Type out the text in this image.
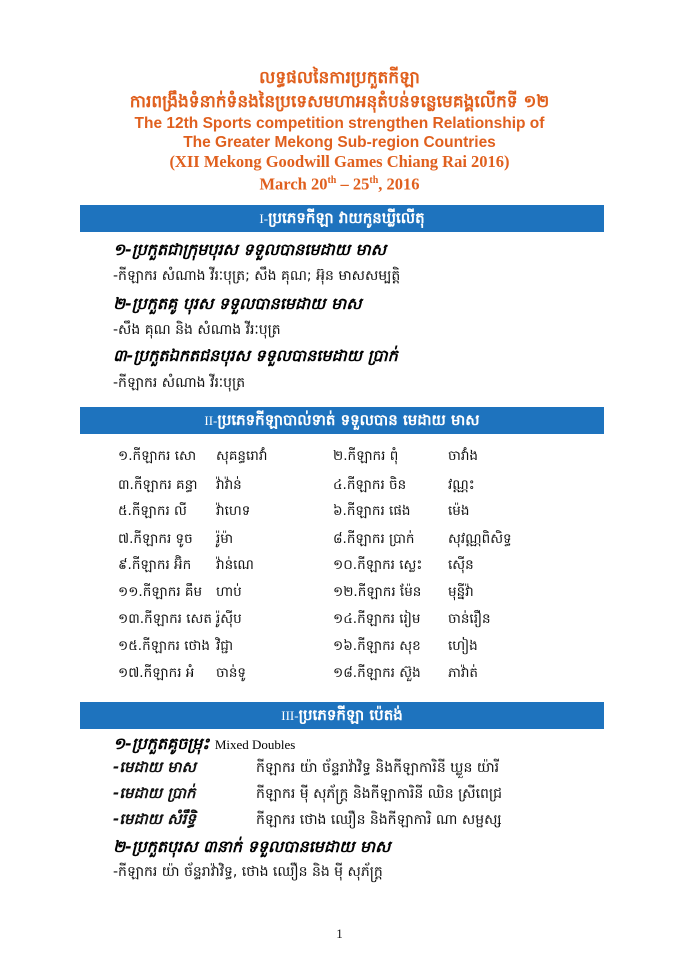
លទ្ធផលនៃការប្រកួតកីឡា

ការពង្រឹងទំនាក់ទំនងនៃប្រទេសមហាអនុតំបន់ទន្លេមេគង្គលើកទី ១២

The 12th Sports competition strengthen Relationship of

The Greater Mekong Sub-region Countries

(XII Mekong Goodwill Games Chiang Rai 2016)

March 20th – 25th, 2016

I-ប្រភេទកីឡា វាយកូនឃ្លីលើតុ
១-ប្រកួតជាក្រុមបុរស ទទួលបានមេដាយ មាស
-កីឡាករ សំណាង វីរៈបុត្រ; សឹង គុណ; អ៊ុន មាសសម្បត្តិ
២-ប្រកួតគូ បុរស ទទួលបានមេដាយ មាស
-សឹង គុណ និង សំណាង វីរៈបុត្រ
៣-ប្រកួតឯកតជនបុរស ទទួលបានមេដាយ ប្រាក់
-កីឡាករ សំណាង វីរៈបុត្រ
II-ប្រភេទកីឡាបាល់ទាត់ ទទួលបាន មេដាយ មាស
១.កីឡាករ សោ សុគន្ធរោវាំ	២.កីឡាករ ពុំ	ចាវាំង
៣.កីឡាករ គន្ធា វ៉ាវ៉ាន់	៤.កីឡាករ ចិន	វណ្ណះ
៥.កីឡាករ លី វ៉ាហេទ	៦.កីឡាករ ផេង	ម៉េង
៧.កីឡាករ ទូច រ៉ូម៉ា	៨.កីឡាករ ប្រាក់ សុវណ្ណពិសិទ្ធ
៩.កីឡាករ អ៊ិក វ៉ាន់ណេ	១០.កីឡាករ ស្លេះ ស៊ើន
១១.កីឡាករ គឹម ហាប់	១២.កីឡាករ ម៉ែន មុន្នីវ៉ា
១៣.កីឡាករ សេត រ៉ូស៊ីប	១៤.កីឡាករ រៀម ចាន់រឿន
១៥.កីឡាករ ថោង វិជ្ជា	១៦.កីឡាករ សុខ ហៀង
១៧.កីឡាករ អំ ចាន់ទូ	១៨.កីឡាករ ស៊ួង ភាវ៉ាត់
III-ប្រភេទកីឡា ប៉េតង់
១-ប្រកួតគូចម្រុះ Mixed Doubles
-មេដាយ មាស	កីឡាករ យ៉ា ច័ន្ទរាវ៉ាវិទ្ធ និងកីឡាការិនី ឃ្លួន យ៉ារី
-មេដាយ ប្រាក់	កីឡាករ ម៉ី សុភ័ក្រ្ត និងកីឡាការិនី ឈិន ស្រីពេជ្រ
-មេដាយ សំរឹទ្ធិ	កីឡាករ ថោង ឈឿន និងកីឡាការិ ណា សម្ផស្ស
២-ប្រកួតបុរស ៣នាក់ ទទួលបានមេដាយ មាស
-កីឡាករ យ៉ា ច័ន្ទរាវ៉ាវិទ្ធ, ថោង ឈឿន និង ម៉ី សុភ័ក្រ្ត
1
